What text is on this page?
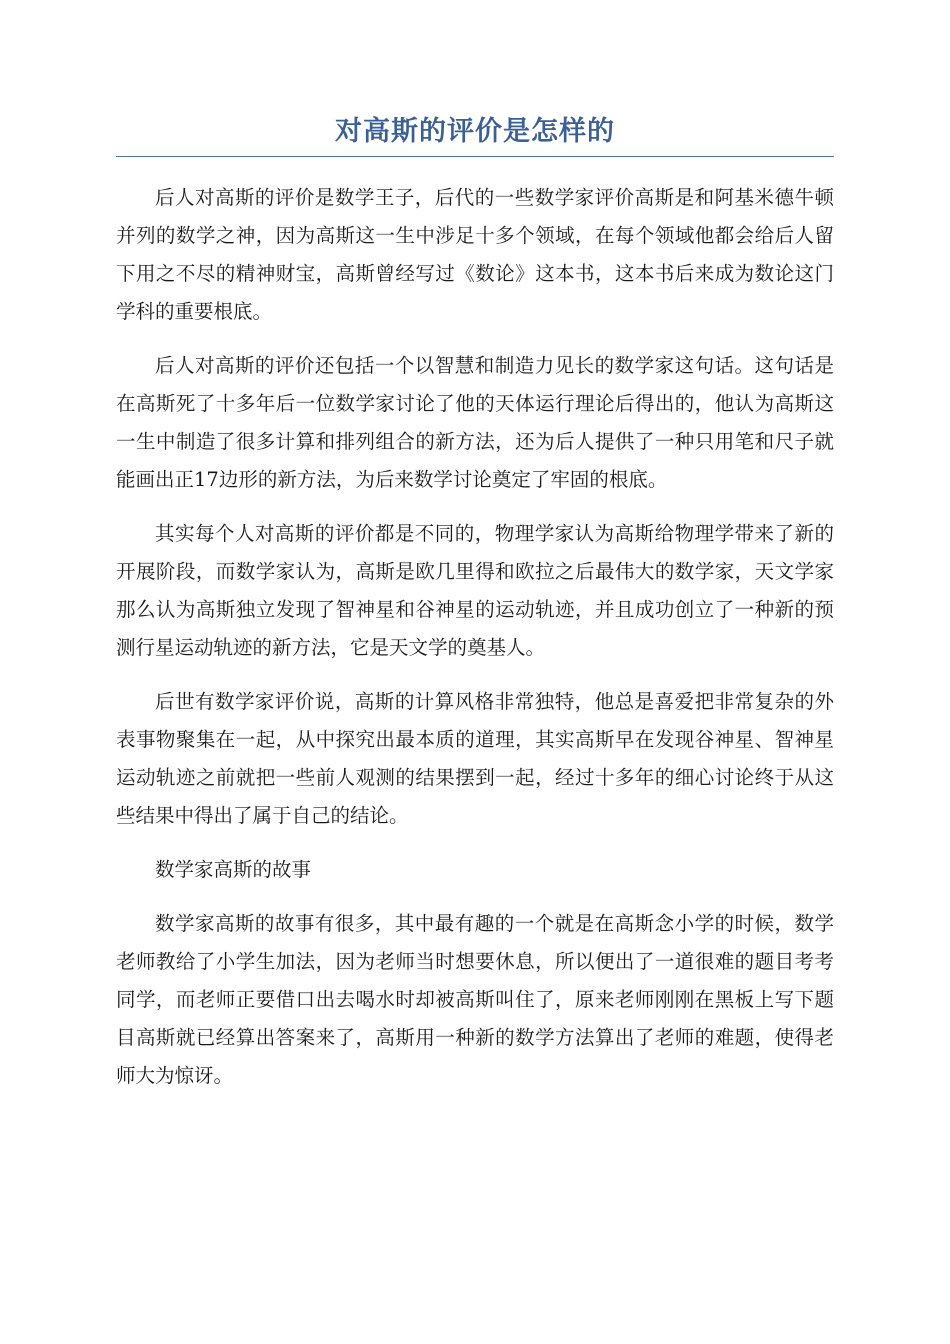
对高斯的评价是怎样的

后人对高斯的评价是数学王子，后代的一些数学家评价高斯是和阿基米德牛顿并列的数学之神，因为高斯这一生中涉足十多个领域，在每个领域他都会给后人留下用之不尽的精神财宝，高斯曾经写过《数论》这本书，这本书后来成为数论这门学科的重要根底。

后人对高斯的评价还包括一个以智慧和制造力见长的数学家这句话。这句话是在高斯死了十多年后一位数学家讨论了他的天体运行理论后得出的，他认为高斯这一生中制造了很多计算和排列组合的新方法，还为后人提供了一种只用笔和尺子就能画出正17边形的新方法，为后来数学讨论奠定了牢固的根底。

其实每个人对高斯的评价都是不同的，物理学家认为高斯给物理学带来了新的开展阶段，而数学家认为，高斯是欧几里得和欧拉之后最伟大的数学家，天文学家那么认为高斯独立发现了智神星和谷神星的运动轨迹，并且成功创立了一种新的预测行星运动轨迹的新方法，它是天文学的奠基人。

后世有数学家评价说，高斯的计算风格非常独特，他总是喜爱把非常复杂的外表事物聚集在一起，从中探究出最本质的道理，其实高斯早在发现谷神星、智神星运动轨迹之前就把一些前人观测的结果摆到一起，经过十多年的细心讨论终于从这些结果中得出了属于自己的结论。

数学家高斯的故事

数学家高斯的故事有很多，其中最有趣的一个就是在高斯念小学的时候，数学老师教给了小学生加法，因为老师当时想要休息，所以便出了一道很难的题目考考同学，而老师正要借口出去喝水时却被高斯叫住了，原来老师刚刚在黑板上写下题目高斯就已经算出答案来了，高斯用一种新的数学方法算出了老师的难题，使得老师大为惊讶。
